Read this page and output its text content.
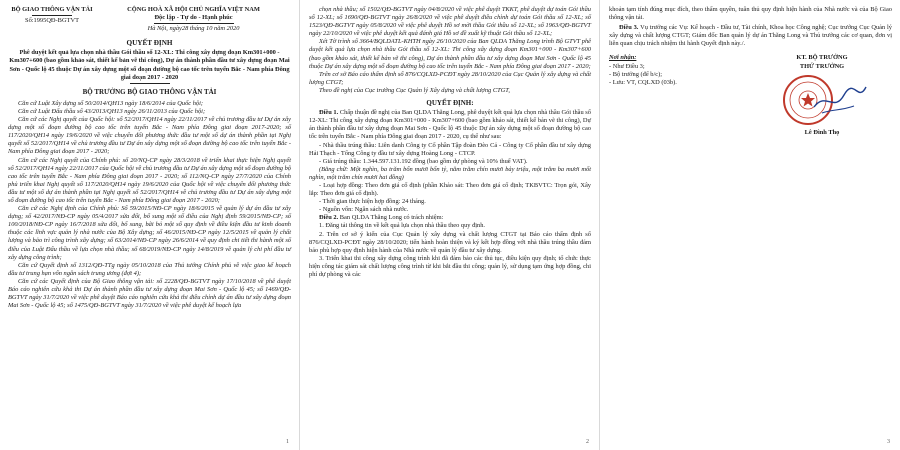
BỘ GIAO THÔNG VẬN TẢI

Số:1995QĐ-BGTVT

CỘNG HOÀ XÃ HỘI CHỦ NGHĨA VIỆT NAM

Độc lập - Tự do - Hạnh phúc

Hà Nội, ngày28 tháng 10 năm 2020

QUYẾT ĐỊNH

Phê duyệt kết quả lựa chọn nhà thầu Gói thầu số 12-XL: Thi công xây dựng đoạn Km301+000 - Km307+600 (bao gồm khảo sát, thiết kế bản vẽ thi công), Dự án thành phần đầu tư xây dựng đoạn Mai Sơn - Quốc lộ 45 thuộc Dự án xây dựng một số đoạn đường bộ cao tốc trên tuyến Bắc - Nam phía Đông giai đoạn 2017 - 2020

BỘ TRƯỞNG BỘ GIAO THÔNG VẬN TẢI

Căn cứ Luật Xây dựng số 50/2014/QH13 ngày 18/6/2014 của Quốc hội;

Căn cứ Luật Đấu thầu số 43/2013/QH13 ngày 26/11/2013 của Quốc hội;

Căn cứ các Nghị quyết của Quốc hội: số 52/2017/QH14 ngày 22/11/2017 về chủ trương đầu tư Dự án xây dựng một số đoạn đường bộ cao tốc trên tuyến Bắc - Nam phía Đông giai đoạn 2017-2020; số 117/2020/QH14 ngày 19/6/2020 về việc chuyển đổi phương thức đầu tư một số dự án thành phần tại Nghị quyết số 52/2017/QH14 về chủ trương đầu tư Dự án xây dựng một số đoạn đường bộ cao tốc trên tuyến Bắc - Nam phía Đông giai đoạn 2017 - 2020;

Căn cứ các Nghị quyết của Chính phủ: số 20/NQ-CP ngày 28/3/2018 về triển khai thực hiện Nghị quyết số 52/2017/QH14 ngày 22/11/2017 của Quốc hội về chủ trương đầu tư Dự án xây dựng một số đoạn đường bộ cao tốc trên tuyến Bắc - Nam phía Đông giai đoạn 2017 - 2020; số 112/NQ-CP ngày 27/7/2020 của Chính phủ triển khai Nghị quyết số 117/2020/QH14 ngày 19/6/2020 của Quốc hội về việc chuyển đổi phương thức đầu tư một số dự án thành phần tại Nghị quyết số 52/2017/QH14 về chủ trương đầu tư Dự án xây dựng một số đoạn đường bộ cao tốc trên tuyến Bắc - Nam phía Đông giai đoạn 2017 - 2020;

Căn cứ các Nghị định của Chính phủ: Số 59/2015/NĐ-CP ngày 18/6/2015 về quản lý dự án đầu tư xây dựng; số 42/2017/NĐ-CP ngày 05/4/2017 sửa đổi, bổ sung một số điều của Nghị định 59/2015/NĐ-CP; số 100/2018/NĐ-CP ngày 16/7/2018 sửa đổi, bổ sung, bãi bỏ một số quy định về điều kiện đầu tư kinh doanh thuộc các lĩnh vực quản lý nhà nước của Bộ Xây dựng; số 46/2015/NĐ-CP ngày 12/5/2015 về quản lý chất lượng và bảo trì công trình xây dựng; số 63/2014/NĐ-CP ngày 26/6/2014 về quy định chi tiết thi hành một số điều của Luật Đấu thầu về lựa chọn nhà thầu; số 68/2019/NĐ-CP ngày 14/8/2019 về quản lý chi phí đầu tư xây dựng công trình;

Căn cứ Quyết định số 1312/QĐ-TTg ngày 05/10/2018 của Thủ tướng Chính phủ về việc giao kế hoạch đầu tư trung hạn vốn ngân sách trung ương (đợt 4);

Căn cứ các Quyết định của Bộ Giao thông vận tải: số 2228/QĐ-BGTVT ngày 17/10/2018 về phê duyệt Báo cáo nghiên cứu khả thi Dự án thành phần đầu tư xây dựng đoạn Mai Sơn - Quốc lộ 45; số 1469/QĐ-BGTVT ngày 31/7/2020 về việc phê duyệt Báo cáo nghiên cứu khả thi điều chỉnh dự án đầu tư xây dựng đoạn Mai Sơn - Quốc lộ 45; số 1475/QĐ-BGTVT ngày 31/7/2020 về việc phê duyệt kế hoạch lựa

1

chọn nhà thầu; số 1502/QĐ-BGTVT ngày 04/8/2020 về việc phê duyệt TKKT, phê duyệt dự toán Gói thầu số 12-XL; số 1690/QĐ-BGTVT ngày 26/8/2020 về việc phê duyệt điều chỉnh dự toán Gói thầu số 12-XL; số 1523/QĐ-BGTVT ngày 05/8/2020 về việc phê duyệt Hồ sơ mời thầu Gói thầu số 12-XL; số 1963/QĐ-BGTVT ngày 22/10/2020 về việc phê duyệt kết quả đánh giá Hồ sơ đề xuất kỹ thuật Gói thầu số 12-XL;

Xét Tờ trình số 3664/BQLDATL-KHTH ngày 26/10/2020 của Ban QLDA Thăng Long trình Bộ GTVT phê duyệt kết quả lựa chọn nhà thầu Gói thầu số 12-XL: Thi công xây dựng đoạn Km301+000 - Km307+600 (bao gồm khảo sát, thiết kế bản vẽ thi công), Dự án thành phần đầu tư xây dựng đoạn Mai Sơn - Quốc lộ 45 thuộc Dự án xây dựng một số đoạn đường bộ cao tốc trên tuyến Bắc - Nam phía Đông giai đoạn 2017 - 2020;

Trên cơ sở Báo cáo thẩm định số 876/CQLXD-PCĐT ngày 28/10/2020 của Cục Quản lý xây dựng và chất lượng CTGT;

Theo đề nghị của Cục trưởng Cục Quản lý Xây dựng và chất lượng CTGT,

QUYẾT ĐỊNH:

Điều 1. Chấp thuận đề nghị của Ban QLDA Thăng Long, phê duyệt kết quả lựa chọn nhà thầu Gói thầu số 12-XL: Thi công xây dựng đoạn Km301+000 - Km307+600 (bao gồm khảo sát, thiết kế bản vẽ thi công), Dự án thành phần đầu tư xây dựng đoạn Mai Sơn - Quốc lộ 45 thuộc Dự án xây dựng một số đoạn đường bộ cao tốc trên tuyến Bắc - Nam phía Đông giai đoạn 2017 - 2020, cụ thể như sau:

- Nhà thầu trúng thầu: Liên danh Công ty Cổ phần Tập đoàn Đèo Cả - Công ty Cổ phần đầu tư xây dựng Hải Thạch - Tổng Công ty đầu tư xây dựng Hoàng Long - CTCP.

- Giá trúng thầu: 1.344.597.131.192 đồng (bao gồm dự phòng và 10% thuế VAT).

(Bằng chữ: Một nghìn, ba trăm bốn mươi bốn tỷ, năm trăm chín mươi bảy triệu, một trăm ba mươi mốt nghìn, một trăm chín mươi hai đồng)

- Loại hợp đồng: Theo đơn giá cố định (phần Khảo sát: Theo đơn giá cố định; TKBVTC: Trọn gói, Xây lắp: Theo đơn giá cố định).

- Thời gian thực hiện hợp đồng: 24 tháng.

- Nguồn vốn: Ngân sách nhà nước.

Điều 2. Ban QLDA Thăng Long có trách nhiệm:

1. Đăng tải thông tin về kết quả lựa chọn nhà thầu theo quy định.

2. Trên cơ sở ý kiến của Cục Quản lý xây dựng và chất lượng CTGT tại Báo cáo thẩm định số 876/CQLXD-PCĐT ngày 28/10/2020; tiến hành hoàn thiện và ký kết hợp đồng với nhà thầu trúng thầu đảm bảo phù hợp quy định hiện hành của Nhà nước về quản lý đầu tư xây dựng.

3. Triển khai thi công xây dựng công trình khi đã đảm bảo các thủ tục, điều kiện quy định; tổ chức thực hiện công tác giám sát chất lượng công trình từ khi bắt đầu thi công; quản lý, sử dụng tạm ứng hợp đồng, chi phí dự phòng và các

2

khoản tạm tính đúng mục đích, theo thẩm quyền, tuân thủ quy định hiện hành của Nhà nước và của Bộ Giao thông vận tải.

Điều 3. Vụ trưởng các Vụ: Kế hoạch - Đầu tư, Tài chính, Khoa học Công nghệ; Cục trưởng Cục Quản lý xây dựng và chất lượng CTGT; Giám đốc Ban quản lý dự án Thăng Long và Thủ trưởng các cơ quan, đơn vị liên quan chịu trách nhiệm thi hành Quyết định này./.

Nơi nhận:

- Như Điều 3;

- Bộ trưởng (để b/c);

- Lưu: VT, CQLXD (03b).

KT. BỘ TRƯỞNG

THỨ TRƯỞNG

Lê Đình Thọ

3
